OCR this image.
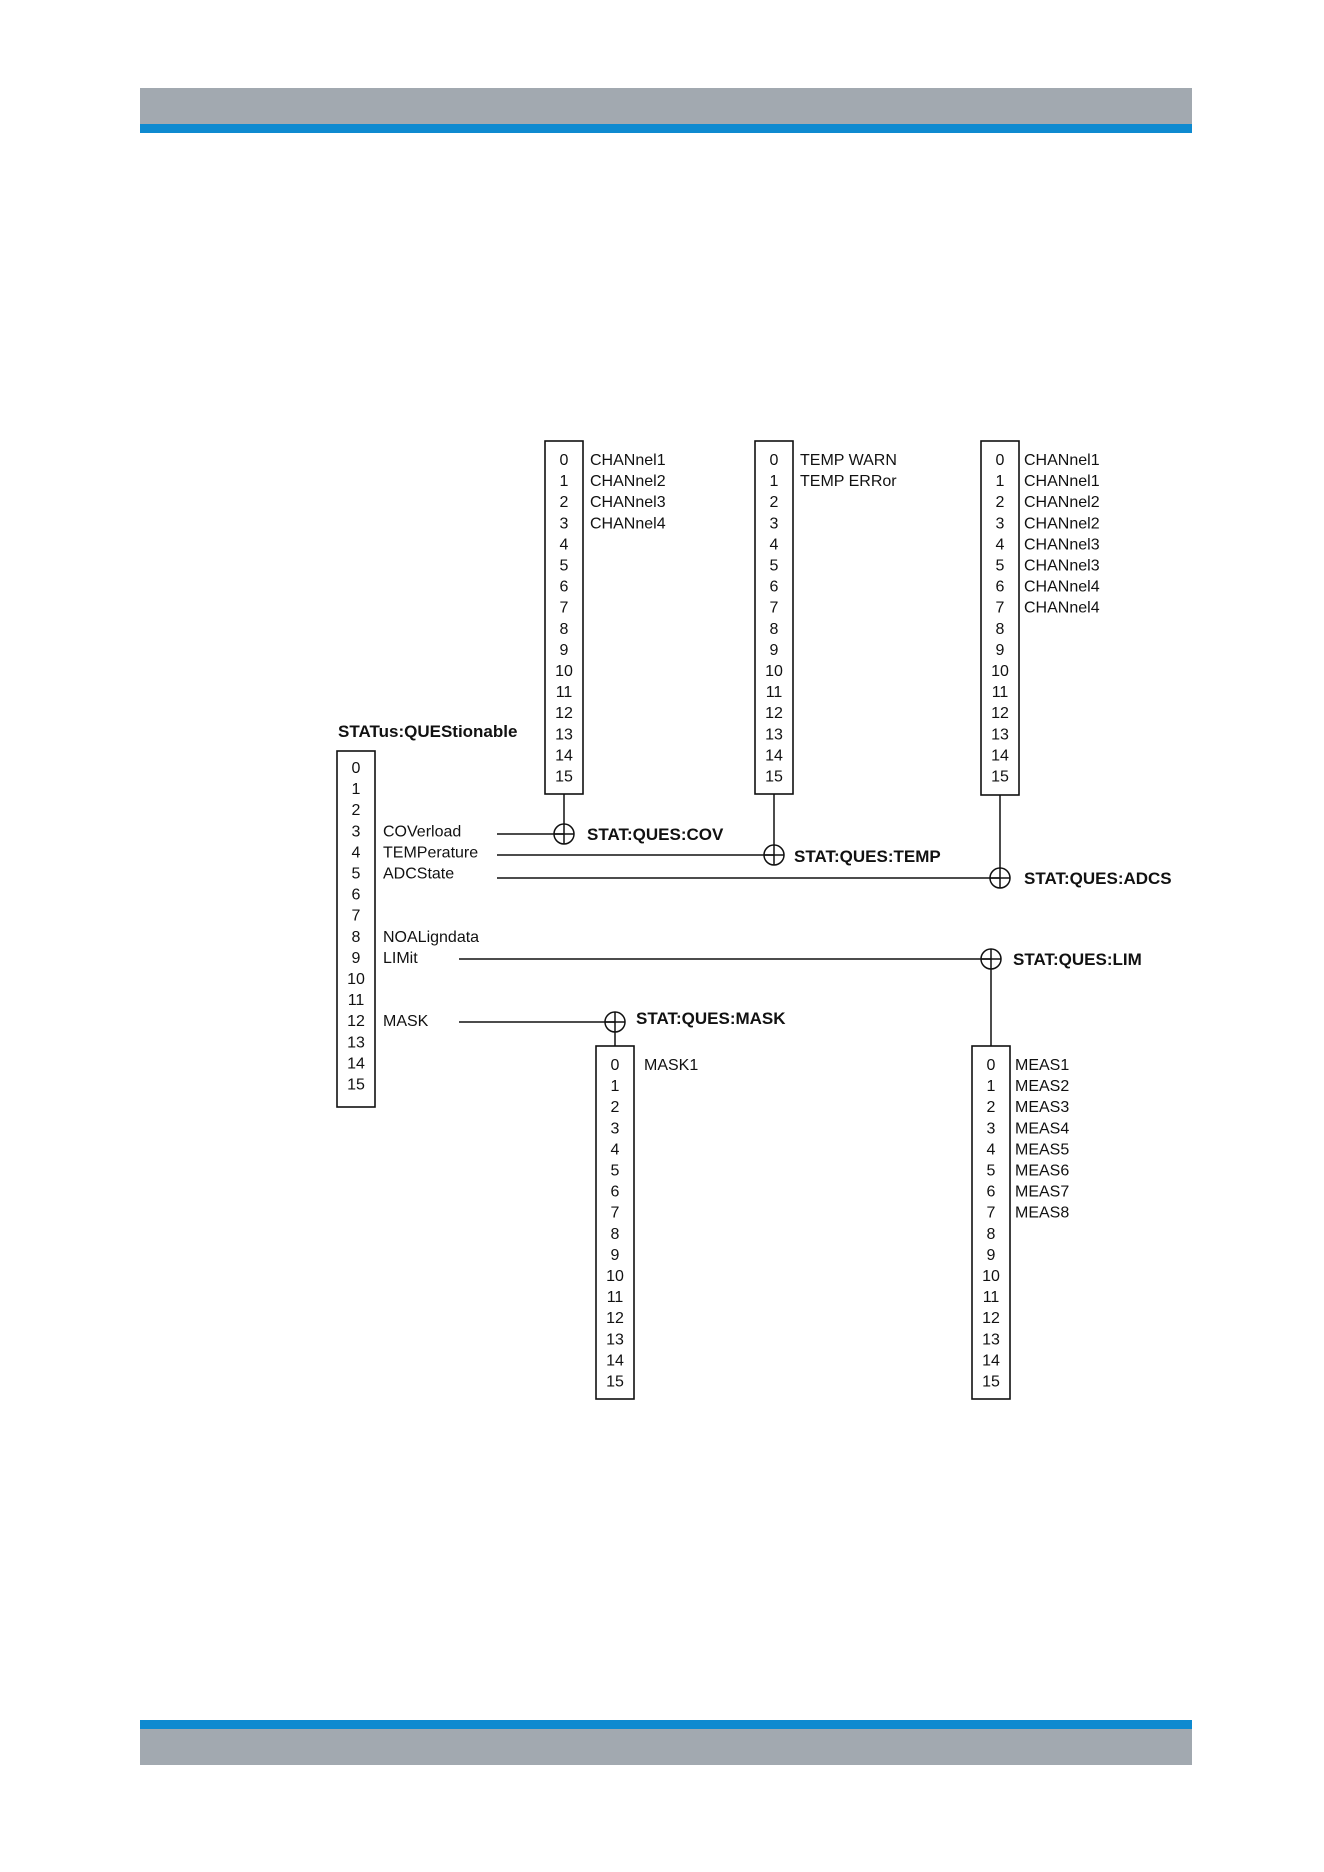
STATus:QUEStionable
STAT:QUES:COV
STAT:QUES:TEMP
STAT:QUES:ADCS
STAT:QUES:LIM
STAT:QUES:MASK
0
1
2
3 COVerload
4 TEMPerature
5 ADCState
6
7
8 NOALigndata
9 LIMit
10
11
12 MASK
13
14
15
0 CHANnel1
1 CHANnel2
2 CHANnel3
3 CHANnel4
4
5
6
7
8
9
10
11
12
13
14
15
0 TEMP WARN
1 TEMP ERRor
2
3
4
5
6
7
8
9
10
11
12
13
14
15
0 CHANnel1
1 CHANnel1
2 CHANnel2
3 CHANnel2
4 CHANnel3
5 CHANnel3
6 CHANnel4
7 CHANnel4
8
9
10
11
12
13
14
15
0 MASK1
1
2
3
4
5
6
7
8
9
10
11
12
13
14
15
0 MEAS1
1 MEAS2
2 MEAS3
3 MEAS4
4 MEAS5
5 MEAS6
6 MEAS7
7 MEAS8
8
9
10
11
12
13
14
15
